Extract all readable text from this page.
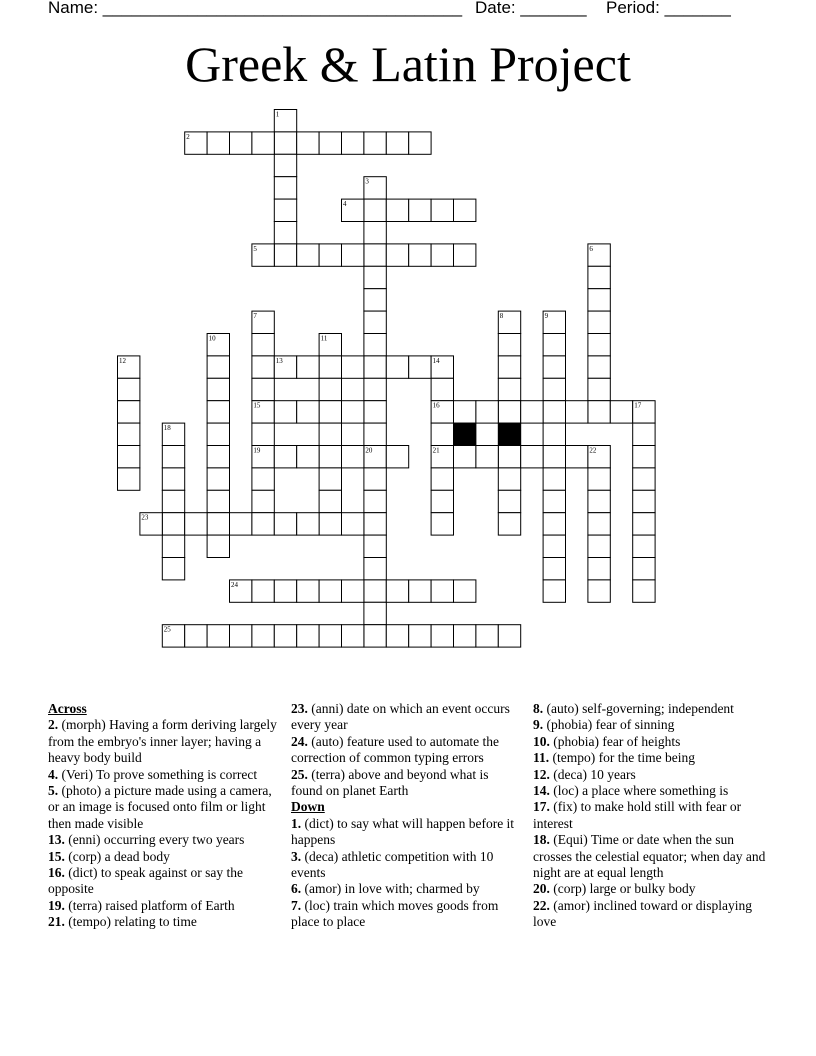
Name: ______________________________________ Date: _______ Period: _______
Greek & Latin Project
1
2
3
4
5	6
7	8	9
10	11
12	13	14
15	16	17
18
19	20	21	22
23
24
25
Across
2. (morph) Having a form deriving largely from the embryo's inner layer; having a heavy body build
4. (Veri) To prove something is correct
5. (photo) a picture made using a camera, or an image is focused onto film or light then made visible
13. (enni) occurring every two years
15. (corp) a dead body
16. (dict) to speak against or say the opposite
19. (terra) raised platform of Earth
21. (tempo) relating to time
23. (anni) date on which an event occurs every year
24. (auto) feature used to automate the correction of common typing errors
25. (terra) above and beyond what is found on planet Earth
Down
1. (dict) to say what will happen before it happens
3. (deca) athletic competition with 10 events
6. (amor) in love with; charmed by
7. (loc) train which moves goods from place to place
8. (auto) self-governing; independent
9. (phobia) fear of sinning
10. (phobia) fear of heights
11. (tempo) for the time being
12. (deca) 10 years
14. (loc) a place where something is
17. (fix) to make hold still with fear or interest
18. (Equi) Time or date when the sun crosses the celestial equator; when day and night are at equal length
20. (corp) large or bulky body
22. (amor) inclined toward or displaying love
